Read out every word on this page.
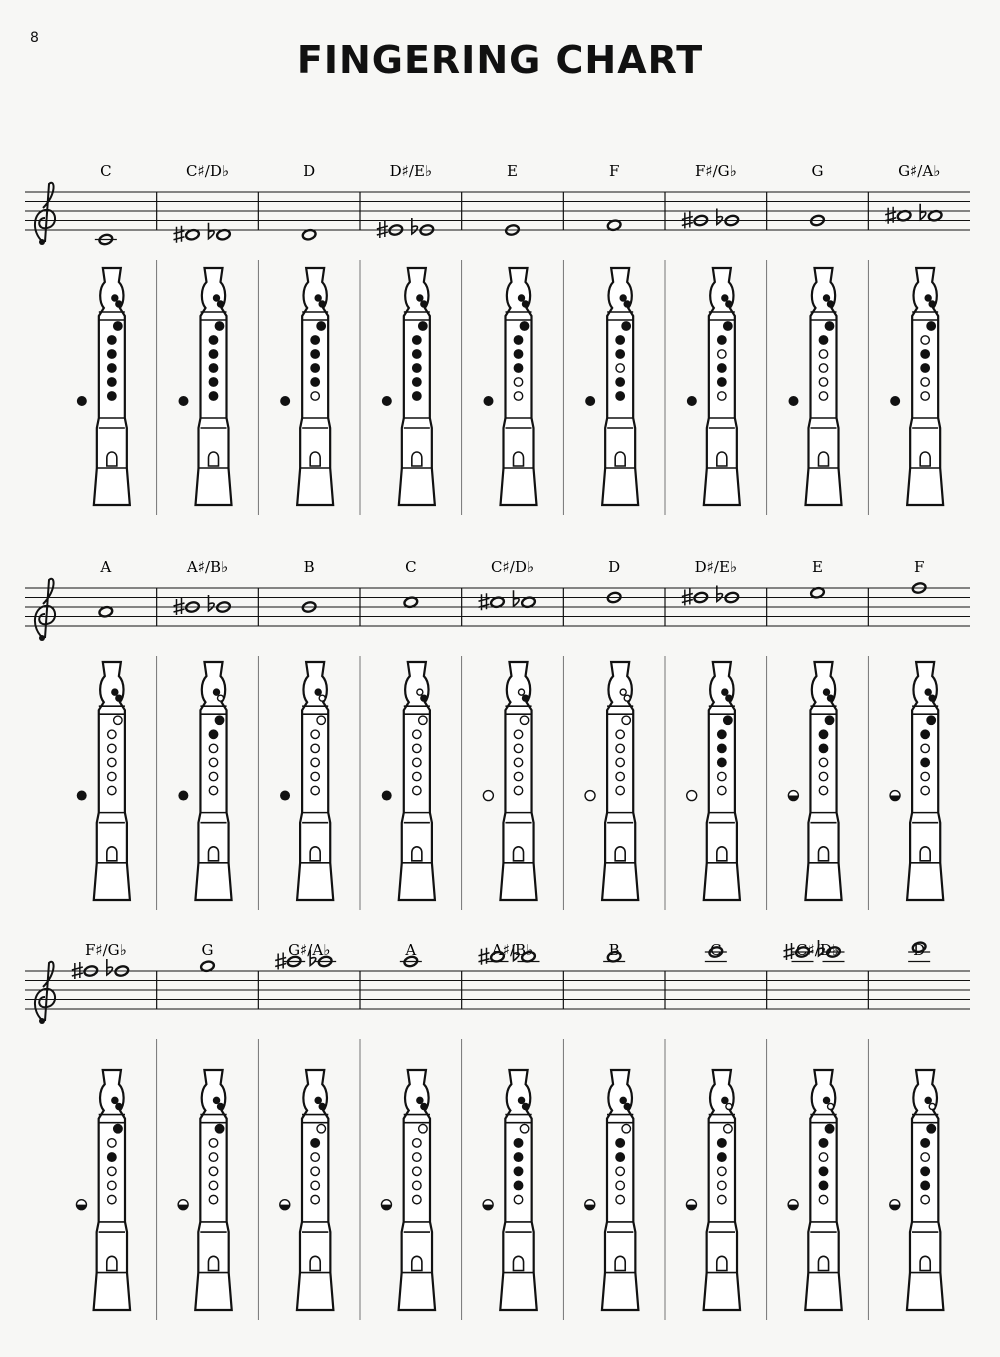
8	FINGERING CHART
C	C♯/D♭	D	D♯/E♭	E	F	F♯/G♭	G	G♯/A♭
A	A♯/B♭	B	C	C♯/D♭	D	D♯/E♭	E	F
F♯/G♭	G	G♯/A♭	A	A♯/B♭	B	C	C♯/D♭	D
